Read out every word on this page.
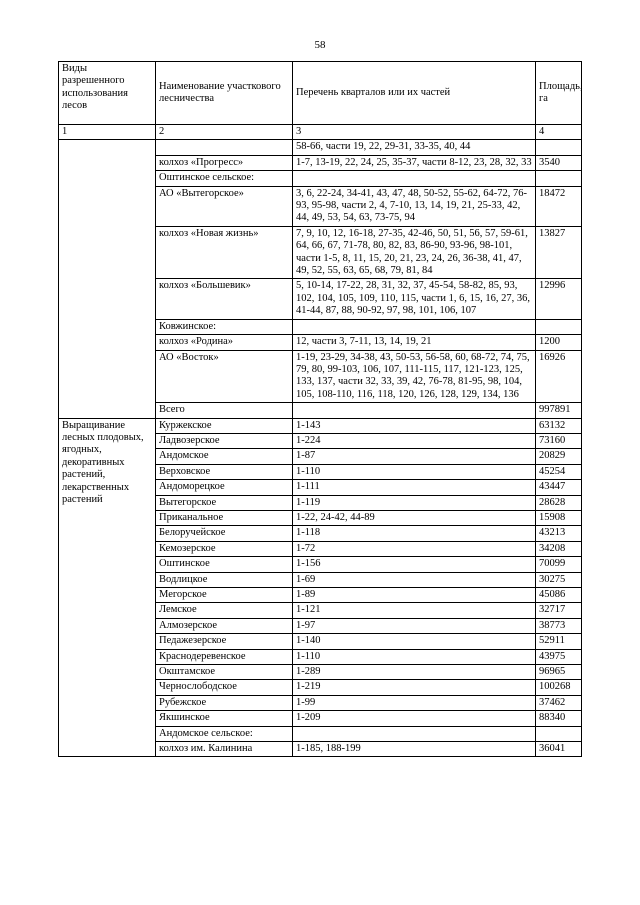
58
Виды разрешенного использования лесов	Наименование участкового лесничества	Перечень кварталов или их частей	Площадь, га
1	2	3	4
		58-66, части 19, 22, 29-31, 33-35, 40, 44	
	колхоз «Прогресс»	1-7, 13-19, 22, 24, 25, 35-37, части 8-12, 23, 28, 32, 33	3540
	Оштинское сельское:		
	АО «Вытегорское»	3, 6, 22-24, 34-41, 43, 47, 48, 50-52, 55-62, 64-72, 76-93, 95-98, части 2, 4, 7-10, 13, 14, 19, 21, 25-33, 42, 44, 49, 53, 54, 63, 73-75, 94	18472
	колхоз «Новая жизнь»	7, 9, 10, 12, 16-18, 27-35, 42-46, 50, 51, 56, 57, 59-61, 64, 66, 67, 71-78, 80, 82, 83, 86-90, 93-96, 98-101, части 1-5, 8, 11, 15, 20, 21, 23, 24, 26, 36-38, 41, 47, 49, 52, 55, 63, 65, 68, 79, 81, 84	13827
	колхоз «Большевик»	5, 10-14, 17-22, 28, 31, 32, 37, 45-54, 58-82, 85, 93, 102, 104, 105, 109, 110, 115, части 1, 6, 15, 16, 27, 36, 41-44, 87, 88, 90-92, 97, 98, 101, 106, 107	12996
	Ковжинское:		
	колхоз «Родина»	12, части 3, 7-11, 13, 14, 19, 21	1200
	АО «Восток»	1-19, 23-29, 34-38, 43, 50-53, 56-58, 60, 68-72, 74, 75, 79, 80, 99-103, 106, 107, 111-115, 117, 121-123, 125, 133, 137, части 32, 33, 39, 42, 76-78, 81-95, 98, 104, 105, 108-110, 116, 118, 120, 126, 128, 129, 134, 136	16926
	Всего		997891
Выращивание лесных плодовых, ягодных, декоративных растений, лекарственных растений	Куржекское	1-143	63132
	Ладвозерское	1-224	73160
	Андомское	1-87	20829
	Верховское	1-110	45254
	Андоморецкое	1-111	43447
	Вытегорское	1-119	28628
	Приканальное	1-22, 24-42, 44-89	15908
	Белоручейское	1-118	43213
	Кемозерское	1-72	34208
	Оштинское	1-156	70099
	Водлицкое	1-69	30275
	Мегорское	1-89	45086
	Лемское	1-121	32717
	Алмозерское	1-97	38773
	Педажезерское	1-140	52911
	Краснодеревенское	1-110	43975
	Окштамское	1-289	96965
	Чернослободское	1-219	100268
	Рубежское	1-99	37462
	Якшинское	1-209	88340
	Андомское сельское:		
	колхоз им. Калинина	1-185, 188-199	36041
